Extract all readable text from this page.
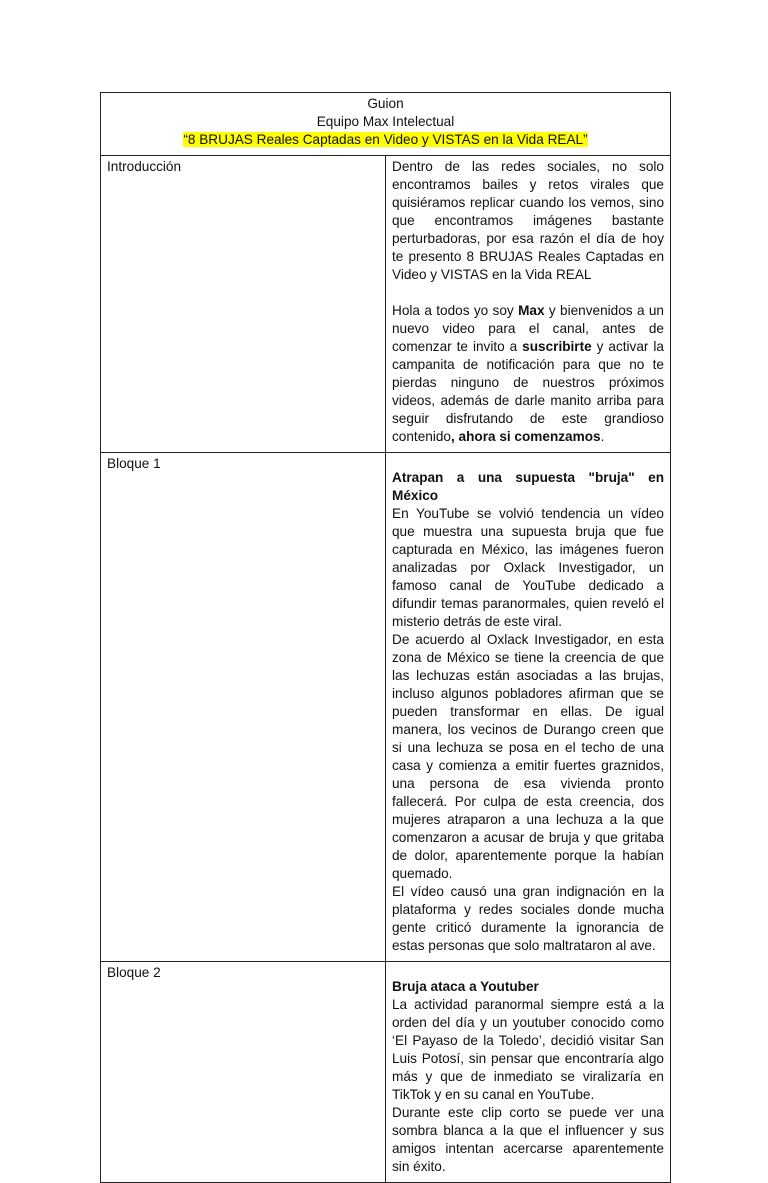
Guion
Equipo Max Intelectual
“8 BRUJAS Reales Captadas en Video y VISTAS en la Vida REAL”	

Introducción	Dentro de las redes sociales, no solo encontramos bailes y retos virales que quisiéramos replicar cuando los vemos, sino que encontramos imágenes bastante perturbadoras, por esa razón el día de hoy te presento 8 BRUJAS Reales Captadas en Video y VISTAS en la Vida REAL

Hola a todos yo soy Max y bienvenidos a un nuevo video para el canal, antes de comenzar te invito a suscribirte y activar la campanita de notificación para que no te pierdas ninguno de nuestros próximos videos, además de darle manito arriba para seguir disfrutando de este grandioso contenido, ahora si comenzamos.

Bloque 1	Atrapan a una supuesta "bruja" en México

En YouTube se volvió tendencia un vídeo que muestra una supuesta bruja que fue capturada en México, las imágenes fueron analizadas por Oxlack Investigador, un famoso canal de YouTube dedicado a difundir temas paranormales, quien reveló el misterio detrás de este viral.

De acuerdo al Oxlack Investigador, en esta zona de México se tiene la creencia de que las lechuzas están asociadas a las brujas, incluso algunos pobladores afirman que se pueden transformar en ellas. De igual manera, los vecinos de Durango creen que si una lechuza se posa en el techo de una casa y comienza a emitir fuertes graznidos, una persona de esa vivienda pronto fallecerá. Por culpa de esta creencia, dos mujeres atraparon a una lechuza a la que comenzaron a acusar de bruja y que gritaba de dolor, aparentemente porque la habían quemado.

El vídeo causó una gran indignación en la plataforma y redes sociales donde mucha gente criticó duramente la ignorancia de estas personas que solo maltrataron al ave.

Bloque 2	Bruja ataca a Youtuber

La actividad paranormal siempre está a la orden del día y un youtuber conocido como ‘El Payaso de la Toledo’, decidió visitar San Luis Potosí, sin pensar que encontraría algo más y que de inmediato se viralizaría en TikTok y en su canal en YouTube.

Durante este clip corto se puede ver una sombra blanca a la que el influencer y sus amigos intentan acercarse aparentemente sin éxito.
